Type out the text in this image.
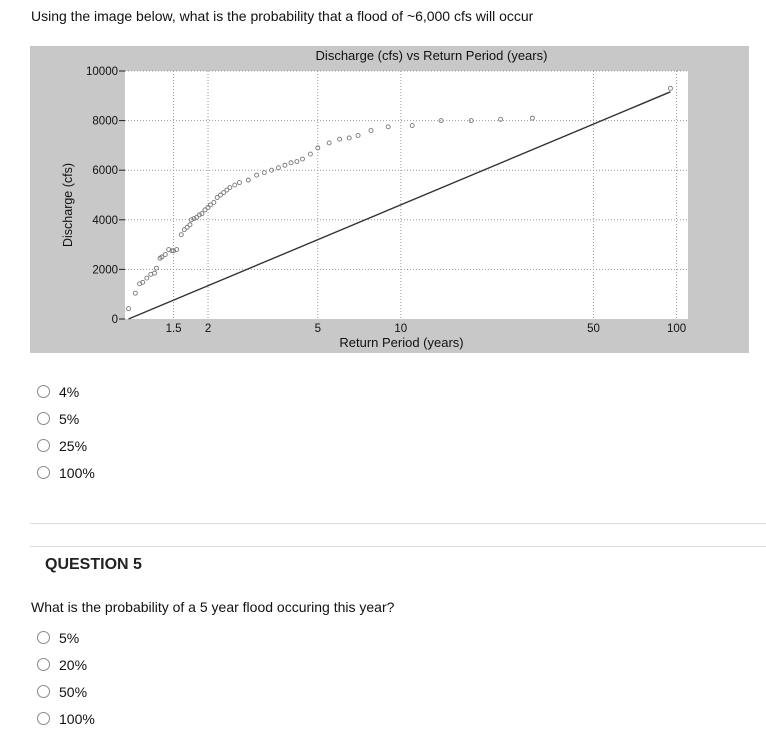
Using the image below, what is the probability that a flood of ~6,000 cfs will occur
Discharge (cfs) vs Return Period (years)
0
2000
4000
6000
8000
10000
1.5 2	5	10	50	100
Return Period (years)
Discharge (cfs)
4%
5%
25%
100%
QUESTION 5
What is the probability of a 5 year flood occuring this year?
5%
20%
50%
100%
